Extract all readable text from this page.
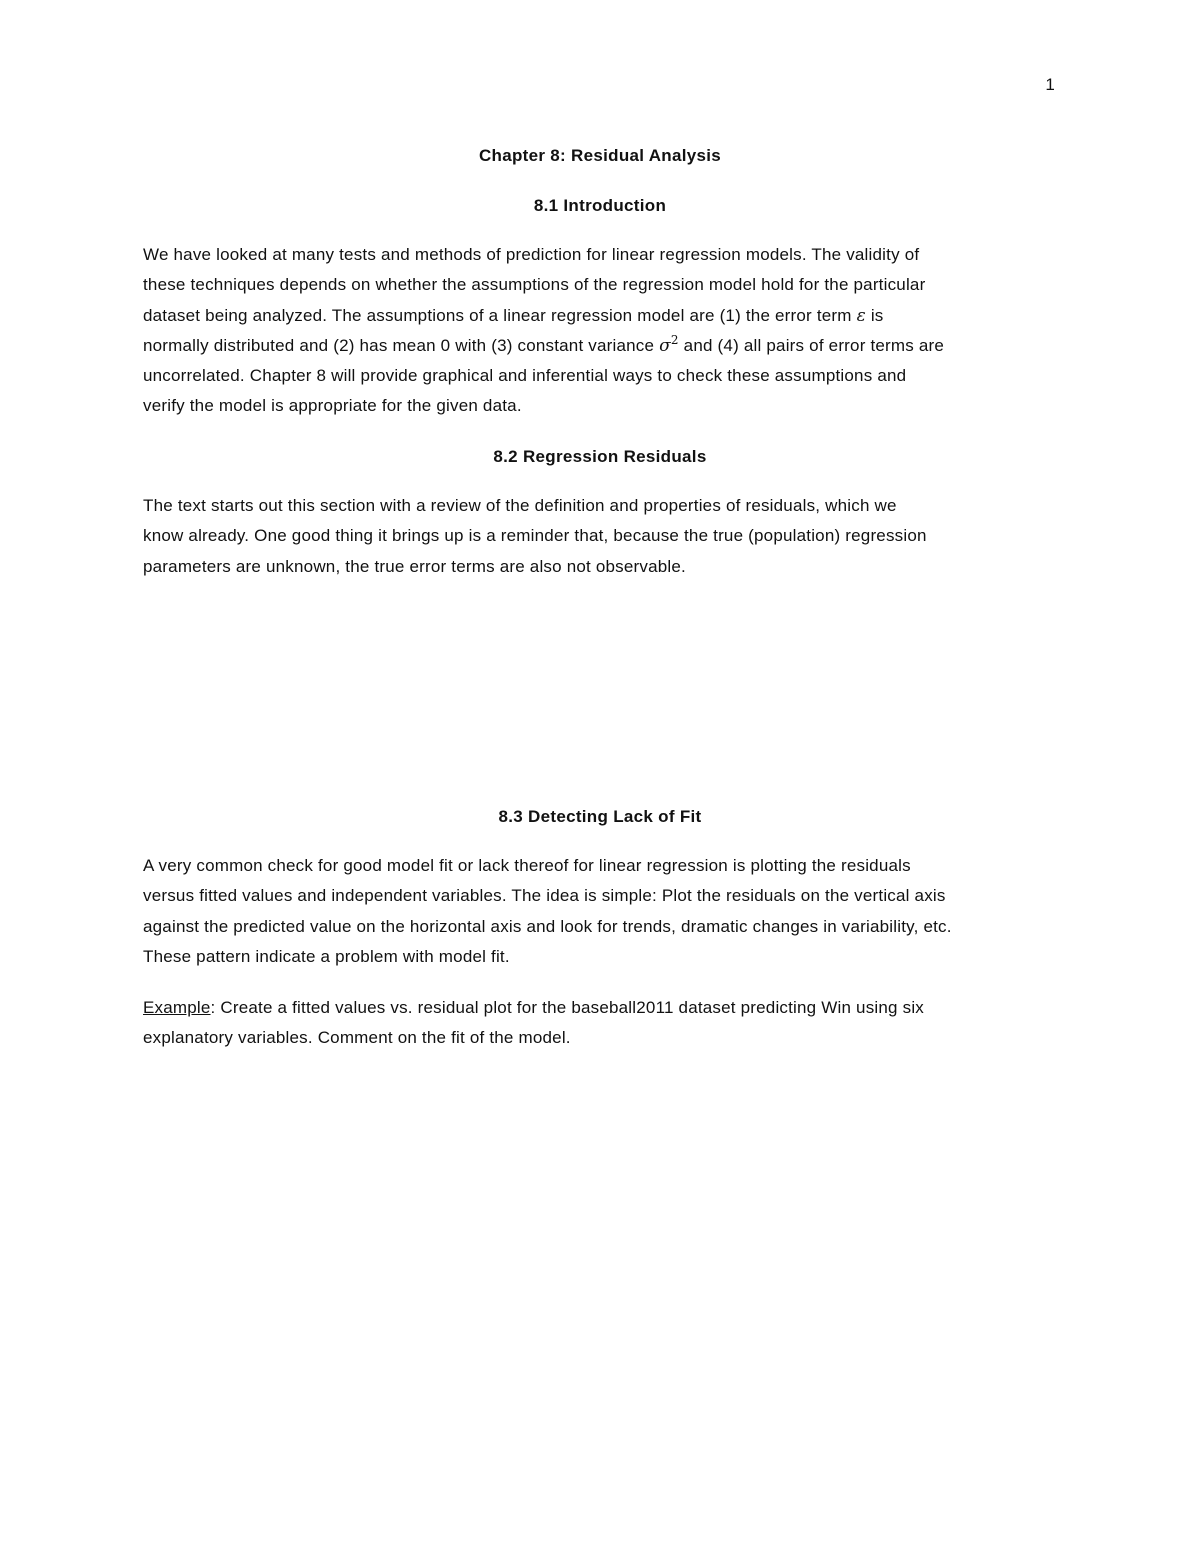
1
Chapter 8: Residual Analysis
8.1 Introduction

We have looked at many tests and methods of prediction for linear regression models. The validity of
these techniques depends on whether the assumptions of the regression model hold for the particular
dataset being analyzed. The assumptions of a linear regression model are (1) the error term ε is
normally distributed and (2) has mean 0 with (3) constant variance $\sigma^2$ and (4) all pairs of error terms are
uncorrelated. Chapter 8 will provide graphical and inferential ways to check these assumptions and
verify the model is appropriate for the given data.

8.2 Regression Residuals

The text starts out this section with a review of the definition and properties of residuals, which we
know already. One good thing it brings up is a reminder that, because the true (population) regression
parameters are unknown, the true error terms are also not observable.

8.3 Detecting Lack of Fit

A very common check for good model fit or lack thereof for linear regression is plotting the residuals
versus fitted values and independent variables. The idea is simple: Plot the residuals on the vertical axis
against the predicted value on the horizontal axis and look for trends, dramatic changes in variability, etc.
These pattern indicate a problem with model fit.

Example: Create a fitted values vs. residual plot for the baseball2011 dataset predicting Win using six
explanatory variables. Comment on the fit of the model.
